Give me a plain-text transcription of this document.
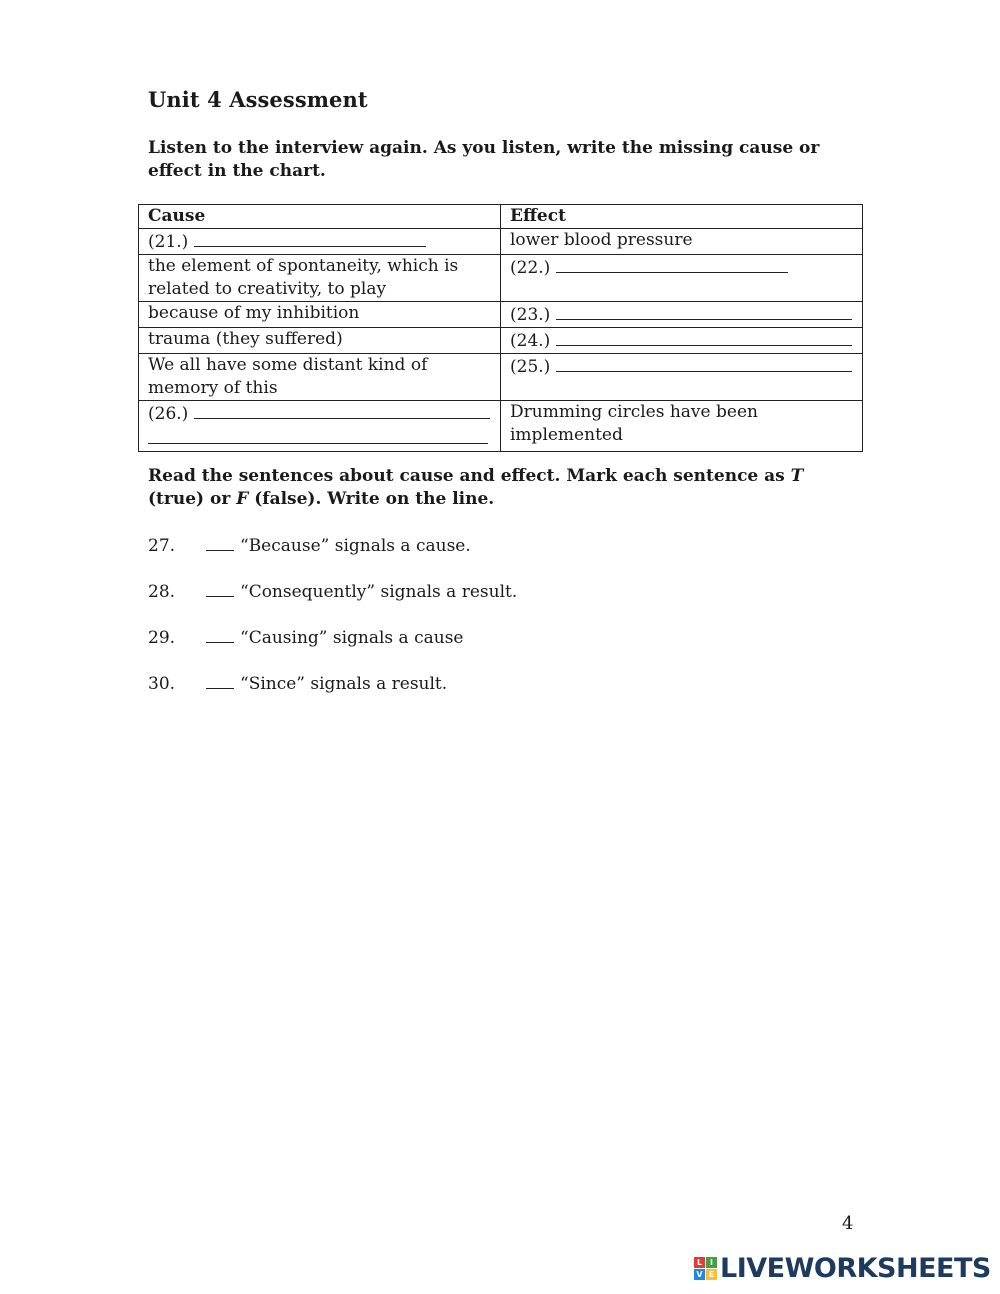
Unit 4 Assessment
Listen to the interview again. As you listen, write the missing cause or effect in the chart.
Cause	Effect
(21.)	lower blood pressure
the element of spontaneity, which is related to creativity, to play	(22.)
because of my inhibition	(23.)
trauma (they suffered)	(24.)
We all have some distant kind of memory of this	(25.)
(26.)	Drumming circles have been implemented
Read the sentences about cause and effect. Mark each sentence as T (true) or F (false). Write on the line.
27.	“Because” signals a cause.
28.	“Consequently” signals a result.
29.	“Causing” signals a cause
30.	“Since” signals a result.
4
L I
V E LIVEWORKSHEETS
